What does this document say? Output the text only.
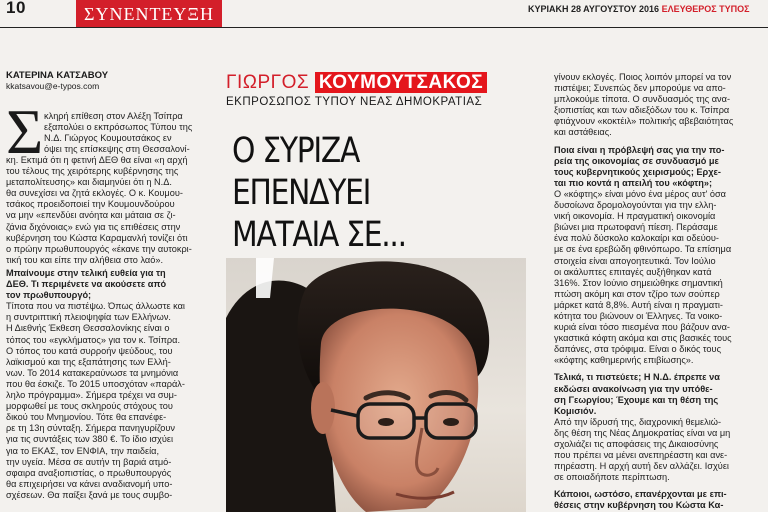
10	ΣΥΝΕΝΤΕΥΞΗ	ΚΥΡΙΑΚΗ 28 ΑΥΓΟΥΣΤΟΥ 2016 ΕΛΕΥΘΕΡΟΣ ΤΥΠΟΣ
ΚΑΤΕΡΙΝΑ ΚΑΤΣΑΒΟΥ
kkatsavou@e-typos.com
Σ κληρή επίθεση στον Αλέξη Τσίπρα

εξαπολύει ο εκπρόσωπος Τύπου της

Ν.Δ. Γιώργος Κουμουτσάκος εν

όψει της επίσκεψης στη Θεσσαλονί-

κη. Εκτιμά ότι η φετινή ΔΕΘ θα είναι «η αρχή

του τέλους της χειρότερης κυβέρνησης της

μεταπολίτευσης» και διαμηνύει ότι η Ν.Δ.

θα συνεχίσει να ζητά εκλογές. Ο κ. Κουμου-

τσάκος προειδοποιεί την Κουμουνδούρου

να μην «επενδύει ανόητα και μάταια σε ζι-

ζάνια διχόνοιας» ενώ για τις επιθέσεις στην

κυβέρνηση του Κώστα Καραμανλή τονίζει ότι

ο πρώην πρωθυπουργός «έκανε την αυτοκρι-

τική του και είπε την αλήθεια στο λαό».

Μπαίνουμε στην τελική ευθεία για τη

ΔΕΘ. Τι περιμένετε να ακούσετε από

τον πρωθυπουργό;

Τίποτα που να πιστέψω. Όπως άλλωστε και

η συντριπτική πλειοψηφία των Ελλήνων.

Η Διεθνής Έκθεση Θεσσαλονίκης είναι ο

τόπος του «εγκλήματος» για τον κ. Τσίπρα.

Ο τόπος του κατά συρροήν ψεύδους, του

λαϊκισμού και της εξαπάτησης των Ελλή-

νων. Το 2014 κατακεραύνωσε τα μνημόνια

που θα έσκιζε. Το 2015 υποσχόταν «παράλ-

ληλο πρόγραμμα». Σήμερα τρέχει να συμ-

μορφωθεί με τους σκληρούς στόχους του

δικού του Μνημονίου. Τότε θα επανέφε-

ρε τη 13η σύνταξη. Σήμερα πανηγυρίζουν

για τις συντάξεις των 380 €. Το ίδιο ισχύει

για το ΕΚΑΣ, τον ΕΝΦΙΑ, την παιδεία,

την υγεία. Μέσα σε αυτήν τη βαριά ατμό-

σφαιρα αναξιοπιστίας, ο πρωθυπουργός

θα επιχειρήσει να κάνει αναδιανομή υπο-

σχέσεων. Θα παίξει ξανά με τους συμβο-

ΓΙΩΡΓΟΣ ΚΟΥΜΟΥΤΣΑΚΟΣ
ΕΚΠΡΟΣΩΠΟΣ ΤΥΠΟΥ ΝΕΑΣ ΔΗΜΟΚΡΑΤΙΑΣ
Ο ΣΥΡΙΖΑ ΕΠΕΝΔΥΕΙ
ΜΑΤΑΙΑ ΣΕ...

γίνουν εκλογές. Ποιος λοιπόν μπορεί να τον

πιστέψει; Συνεπώς δεν μπορούμε να απο-

μπλοκούμε τίποτα. Ο συνδυασμός της ανα-

ξιοπιστίας και των αδιεξόδων του κ. Τσίπρα

φτιάχνουν «κοκτέιλ» πολιτικής αβεβαιότητας

και αστάθειας.

Ποια είναι η πρόβλεψή σας για την πο-

ρεία της οικονομίας σε συνδυασμό με

τους κυβερνητικούς χειρισμούς; Ερχε-

ται πιο κοντά η απειλή του «κόφτη»;

Ο «κόφτης» είναι μόνο ένα μέρος αυτ' όσα

δυσοίωνα δρομολογούνται για την ελλη-

νική οικονομία. Η πραγματική οικονομία

βιώνει μια πρωτοφανή πίεση. Περάσαμε

ένα πολύ δύσκολο καλοκαίρι και οδεύου-

με σε ένα ερεβώδη φθινόπωρο. Τα επίσημα

στοιχεία είναι απογοητευτικά. Τον Ιούλιο

οι ακάλυπτες επιταγές αυξήθηκαν κατά

316%. Στον Ιούνιο σημειώθηκε σημαντική

πτώση ακόμη και στον τζίρο των σούπερ

μάρκετ κατά 8,8%. Αυτή είναι η πραγματι-

κότητα του βιώνουν οι Έλληνες. Τα νοικο-

κυριά είναι τόσο πιεσμένα που βάζουν ανα-

γκαστικά κόφτη ακόμα και στις βασικές τους

δαπάνες, στα τρόφιμα. Είναι ο δικός τους

«κόφτης καθημερινής επιβίωσης».

Τελικά, τι πιστεύετε; Η Ν.Δ. έπρεπε να

εκδώσει ανακοίνωση για την υπόθε-

ση Γεωργίου; Έχουμε και τη θέση της

Κομισιόν.

Από την ίδρυσή της, διαχρονική θεμελιώ-

δης θέση της Νέας Δημοκρατίας είναι να μη

σχολιάζει τις αποφάσεις της Δικαιοσύνης

που πρέπει να μένει ανεπηρέαστη και ανε-

πηρέαστη. Η αρχή αυτή δεν αλλάζει. Ισχύει

σε οποιαδήποτε περίπτωση.

Κάποιοι, ωστόσο, επανέρχονται με επι-

θέσεις στην κυβέρνηση του Κώστα Κα-
